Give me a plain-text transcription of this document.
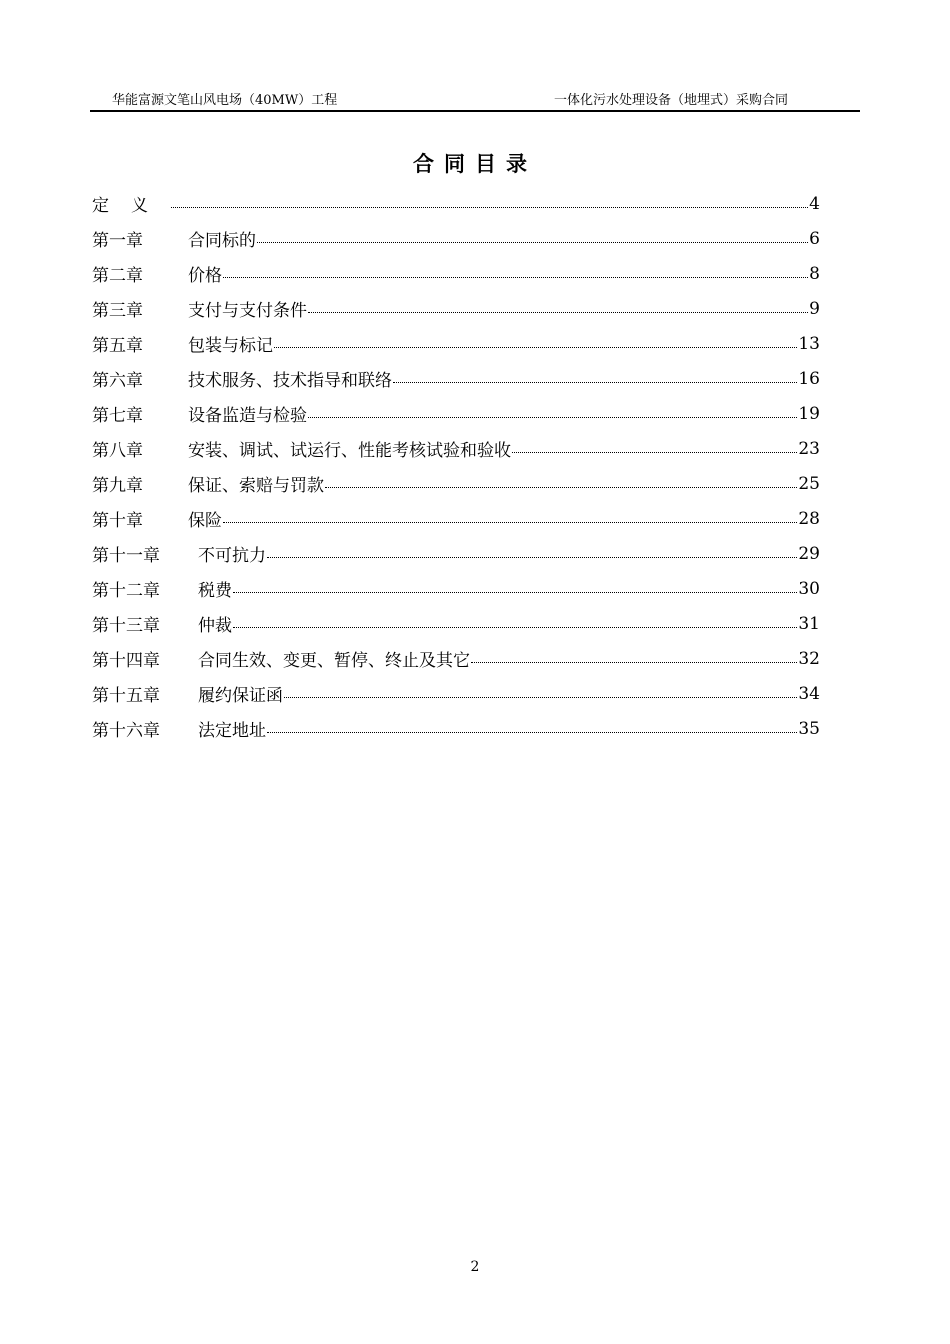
华能富源文笔山风电场（40MW）工程	一体化污水处理设备（地埋式）采购合同
合同目录
定义	4
第一章	合同标的	6
第二章	价格	8
第三章	支付与支付条件	9
第五章	包装与标记	13
第六章	技术服务、技术指导和联络	16
第七章	设备监造与检验	19
第八章	安装、调试、试运行、性能考核试验和验收	23
第九章	保证、索赔与罚款	25
第十章	保险	28
第十一章	不可抗力	29
第十二章	税费	30
第十三章	仲裁	31
第十四章	合同生效、变更、暂停、终止及其它	32
第十五章	履约保证函	34
第十六章	法定地址	35
2
